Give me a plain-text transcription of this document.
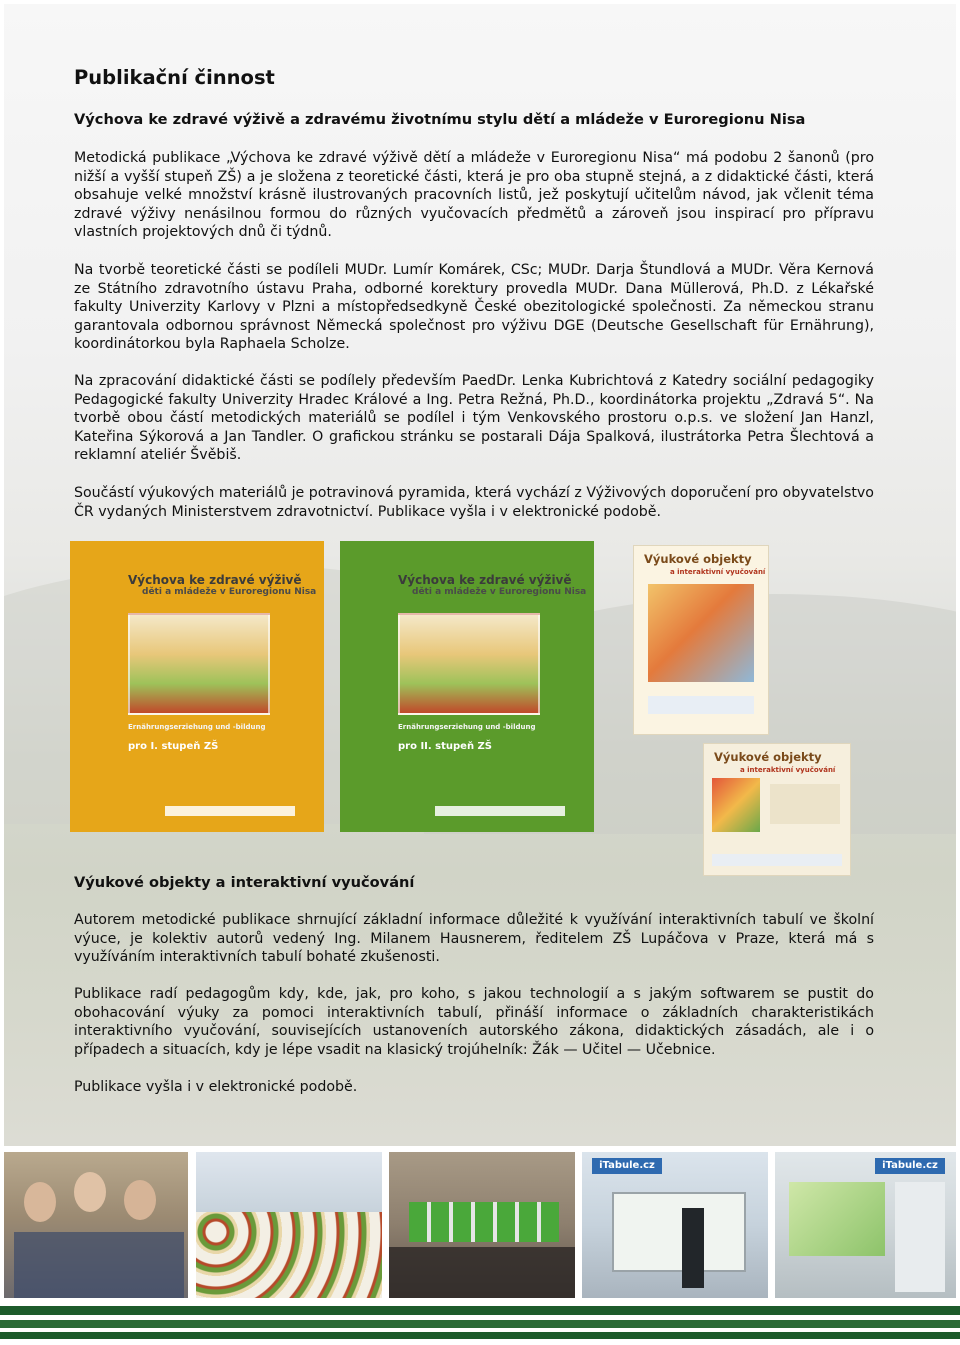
Publikační činnost
Výchova ke zdravé výživě a zdravému životnímu stylu dětí a mládeže v Euroregionu Nisa

Metodická publikace „Výchova ke zdravé výživě dětí a mládeže v Euroregionu Nisa“ má podobu 2 šanonů (pro nižší a vyšší stupeň ZŠ) a je složena z teoretické části, která je pro oba stupně stejná, a z didaktické části, která obsahuje velké množství krásně ilustrovaných pracovních listů, jež poskytují učitelům návod, jak včlenit téma zdravé výživy nenásilnou formou do různých vyučovacích předmětů a zároveň jsou inspirací pro přípravu vlastních projektových dnů či týdnů.

Na tvorbě teoretické části se podíleli MUDr. Lumír Komárek, CSc; MUDr. Darja Štundlová a MUDr. Věra Kernová ze Státního zdravotního ústavu Praha, odborné korektury provedla MUDr. Dana Müllerová, Ph.D. z Lékařské fakulty Univerzity Karlovy v Plzni a místopředsedkyně České obezitologické společnosti. Za německou stranu garantovala odbornou správnost Německá společnost pro výživu DGE (Deutsche Gesellschaft für Ernährung), koordinátorkou byla Raphaela Scholze.

Na zpracování didaktické části se podílely především PaedDr. Lenka Kubrichtová z Katedry sociální pedagogiky Pedagogické fakulty Univerzity Hradec Králové a Ing. Petra Režná, Ph.D., koordinátorka projektu „Zdravá 5“. Na tvorbě obou částí metodických materiálů se podílel i tým Venkovského prostoru o.p.s. ve složení Jan Hanzl, Kateřina Sýkorová a Jan Tandler. O grafickou stránku se postarali Dája Spalková, ilustrátorka Petra Šlechtová a reklamní ateliér Švěbiš.

Součástí výukových materiálů je potravinová pyramida, která vychází z Výživových doporučení pro obyvatelstvo ČR vydaných Ministerstvem zdravotnictví. Publikace vyšla i v elektronické podobě.

Výchova ke zdravé výživě
děti a mládeže v Euroregionu Nisa
Ernährungserziehung und -bildung
pro I. stupeň ZŠ
Výchova ke zdravé výživě
děti a mládeže v Euroregionu Nisa
Ernährungserziehung und -bildung
pro II. stupeň ZŠ
Výukové objekty
a interaktivní vyučování
Výukové objekty
a interaktivní vyučování
Výukové objekty a interaktivní vyučování

Autorem metodické publikace shrnující základní informace důležité k využívání interaktivních tabulí ve školní výuce, je kolektiv autorů vedený Ing. Milanem Hausnerem, ředitelem ZŠ Lupáčova v Praze, která má s využíváním interaktivních tabulí bohaté zkušenosti.

Publikace radí pedagogům kdy, kde, jak, pro koho, s jakou technologií a s jakým softwarem se pustit do obohacování výuky za pomoci interaktivních tabulí, přináší informace o základních charakteristikách interaktivního vyučování, souvisejících ustanoveních autorského zákona, didaktických zásadách, ale i o případech a situacích, kdy je lépe vsadit na klasický trojúhelník: Žák — Učitel — Učebnice.

Publikace vyšla i v elektronické podobě.

iTabule.cz	iTabule.cz
